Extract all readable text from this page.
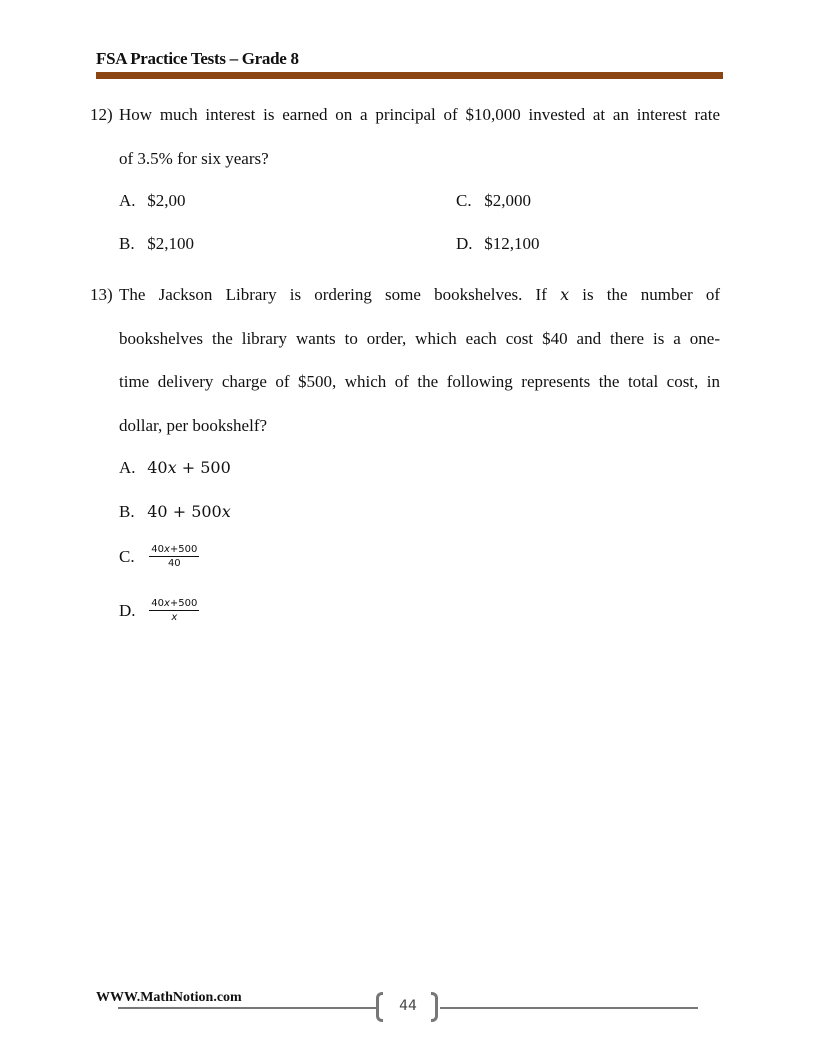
FSA Practice Tests – Grade 8
12) How much interest is earned on a principal of $10,000 invested at an interest rate
of 3.5% for six years?
A. $2,00	C. $2,000
B. $2,100	D. $12,100
13) The Jackson Library is ordering some bookshelves. If x is the number of
bookshelves the library wants to order, which each cost $40 and there is a one-
time delivery charge of $500, which of the following represents the total cost, in
dollar, per bookshelf?
A. 40x + 500
B. 40 + 500x
C. $\frac{40x+500}{40}$
D. $\frac{40x+500}{x}$
WWW.MathNotion.com
44
